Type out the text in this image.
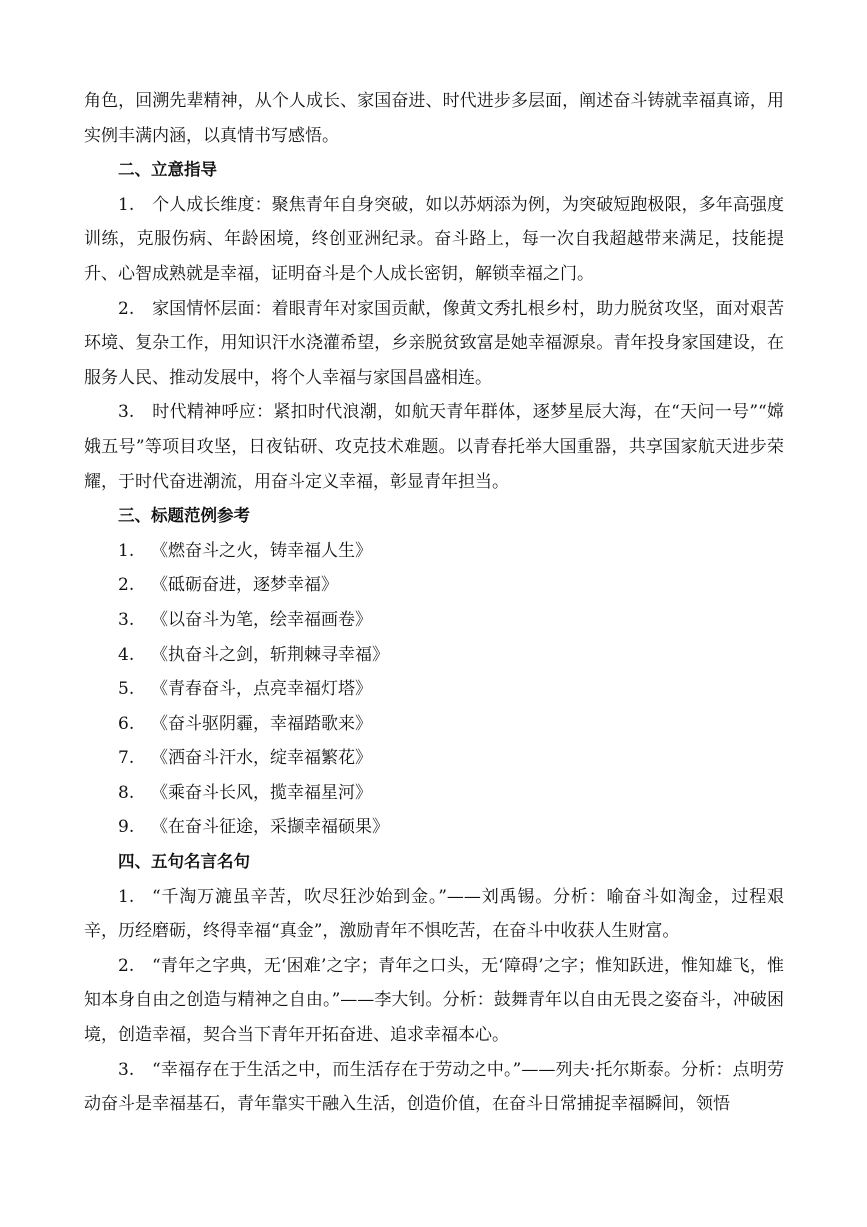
角色，回溯先辈精神，从个人成长、家国奋进、时代进步多层面，阐述奋斗铸就幸福真谛，用实例丰满内涵，以真情书写感悟。

二、立意指导

1. 个人成长维度：聚焦青年自身突破，如以苏炳添为例，为突破短跑极限，多年高强度训练，克服伤病、年龄困境，终创亚洲纪录。奋斗路上，每一次自我超越带来满足，技能提升、心智成熟就是幸福，证明奋斗是个人成长密钥，解锁幸福之门。

2. 家国情怀层面：着眼青年对家国贡献，像黄文秀扎根乡村，助力脱贫攻坚，面对艰苦环境、复杂工作，用知识汗水浇灌希望，乡亲脱贫致富是她幸福源泉。青年投身家国建设，在服务人民、推动发展中，将个人幸福与家国昌盛相连。

3. 时代精神呼应：紧扣时代浪潮，如航天青年群体，逐梦星辰大海，在“天问一号”“嫦娥五号”等项目攻坚，日夜钻研、攻克技术难题。以青春托举大国重器，共享国家航天进步荣耀，于时代奋进潮流，用奋斗定义幸福，彰显青年担当。

三、标题范例参考

1. 《燃奋斗之火，铸幸福人生》

2. 《砥砺奋进，逐梦幸福》

3. 《以奋斗为笔，绘幸福画卷》

4. 《执奋斗之剑，斩荆棘寻幸福》

5. 《青春奋斗，点亮幸福灯塔》

6. 《奋斗驱阴霾，幸福踏歌来》

7. 《洒奋斗汗水，绽幸福繁花》

8. 《乘奋斗长风，揽幸福星河》

9. 《在奋斗征途，采撷幸福硕果》

四、五句名言名句

1. “千淘万漉虽辛苦，吹尽狂沙始到金。”——刘禹锡。分析：喻奋斗如淘金，过程艰辛，历经磨砺，终得幸福“真金”，激励青年不惧吃苦，在奋斗中收获人生财富。

2. “青年之字典，无‘困难’之字；青年之口头，无‘障碍’之字；惟知跃进，惟知雄飞，惟知本身自由之创造与精神之自由。”——李大钊。分析：鼓舞青年以自由无畏之姿奋斗，冲破困境，创造幸福，契合当下青年开拓奋进、追求幸福本心。

3. “幸福存在于生活之中，而生活存在于劳动之中。”——列夫·托尔斯泰。分析：点明劳动奋斗是幸福基石，青年靠实干融入生活，创造价值，在奋斗日常捕捉幸福瞬间，领悟
